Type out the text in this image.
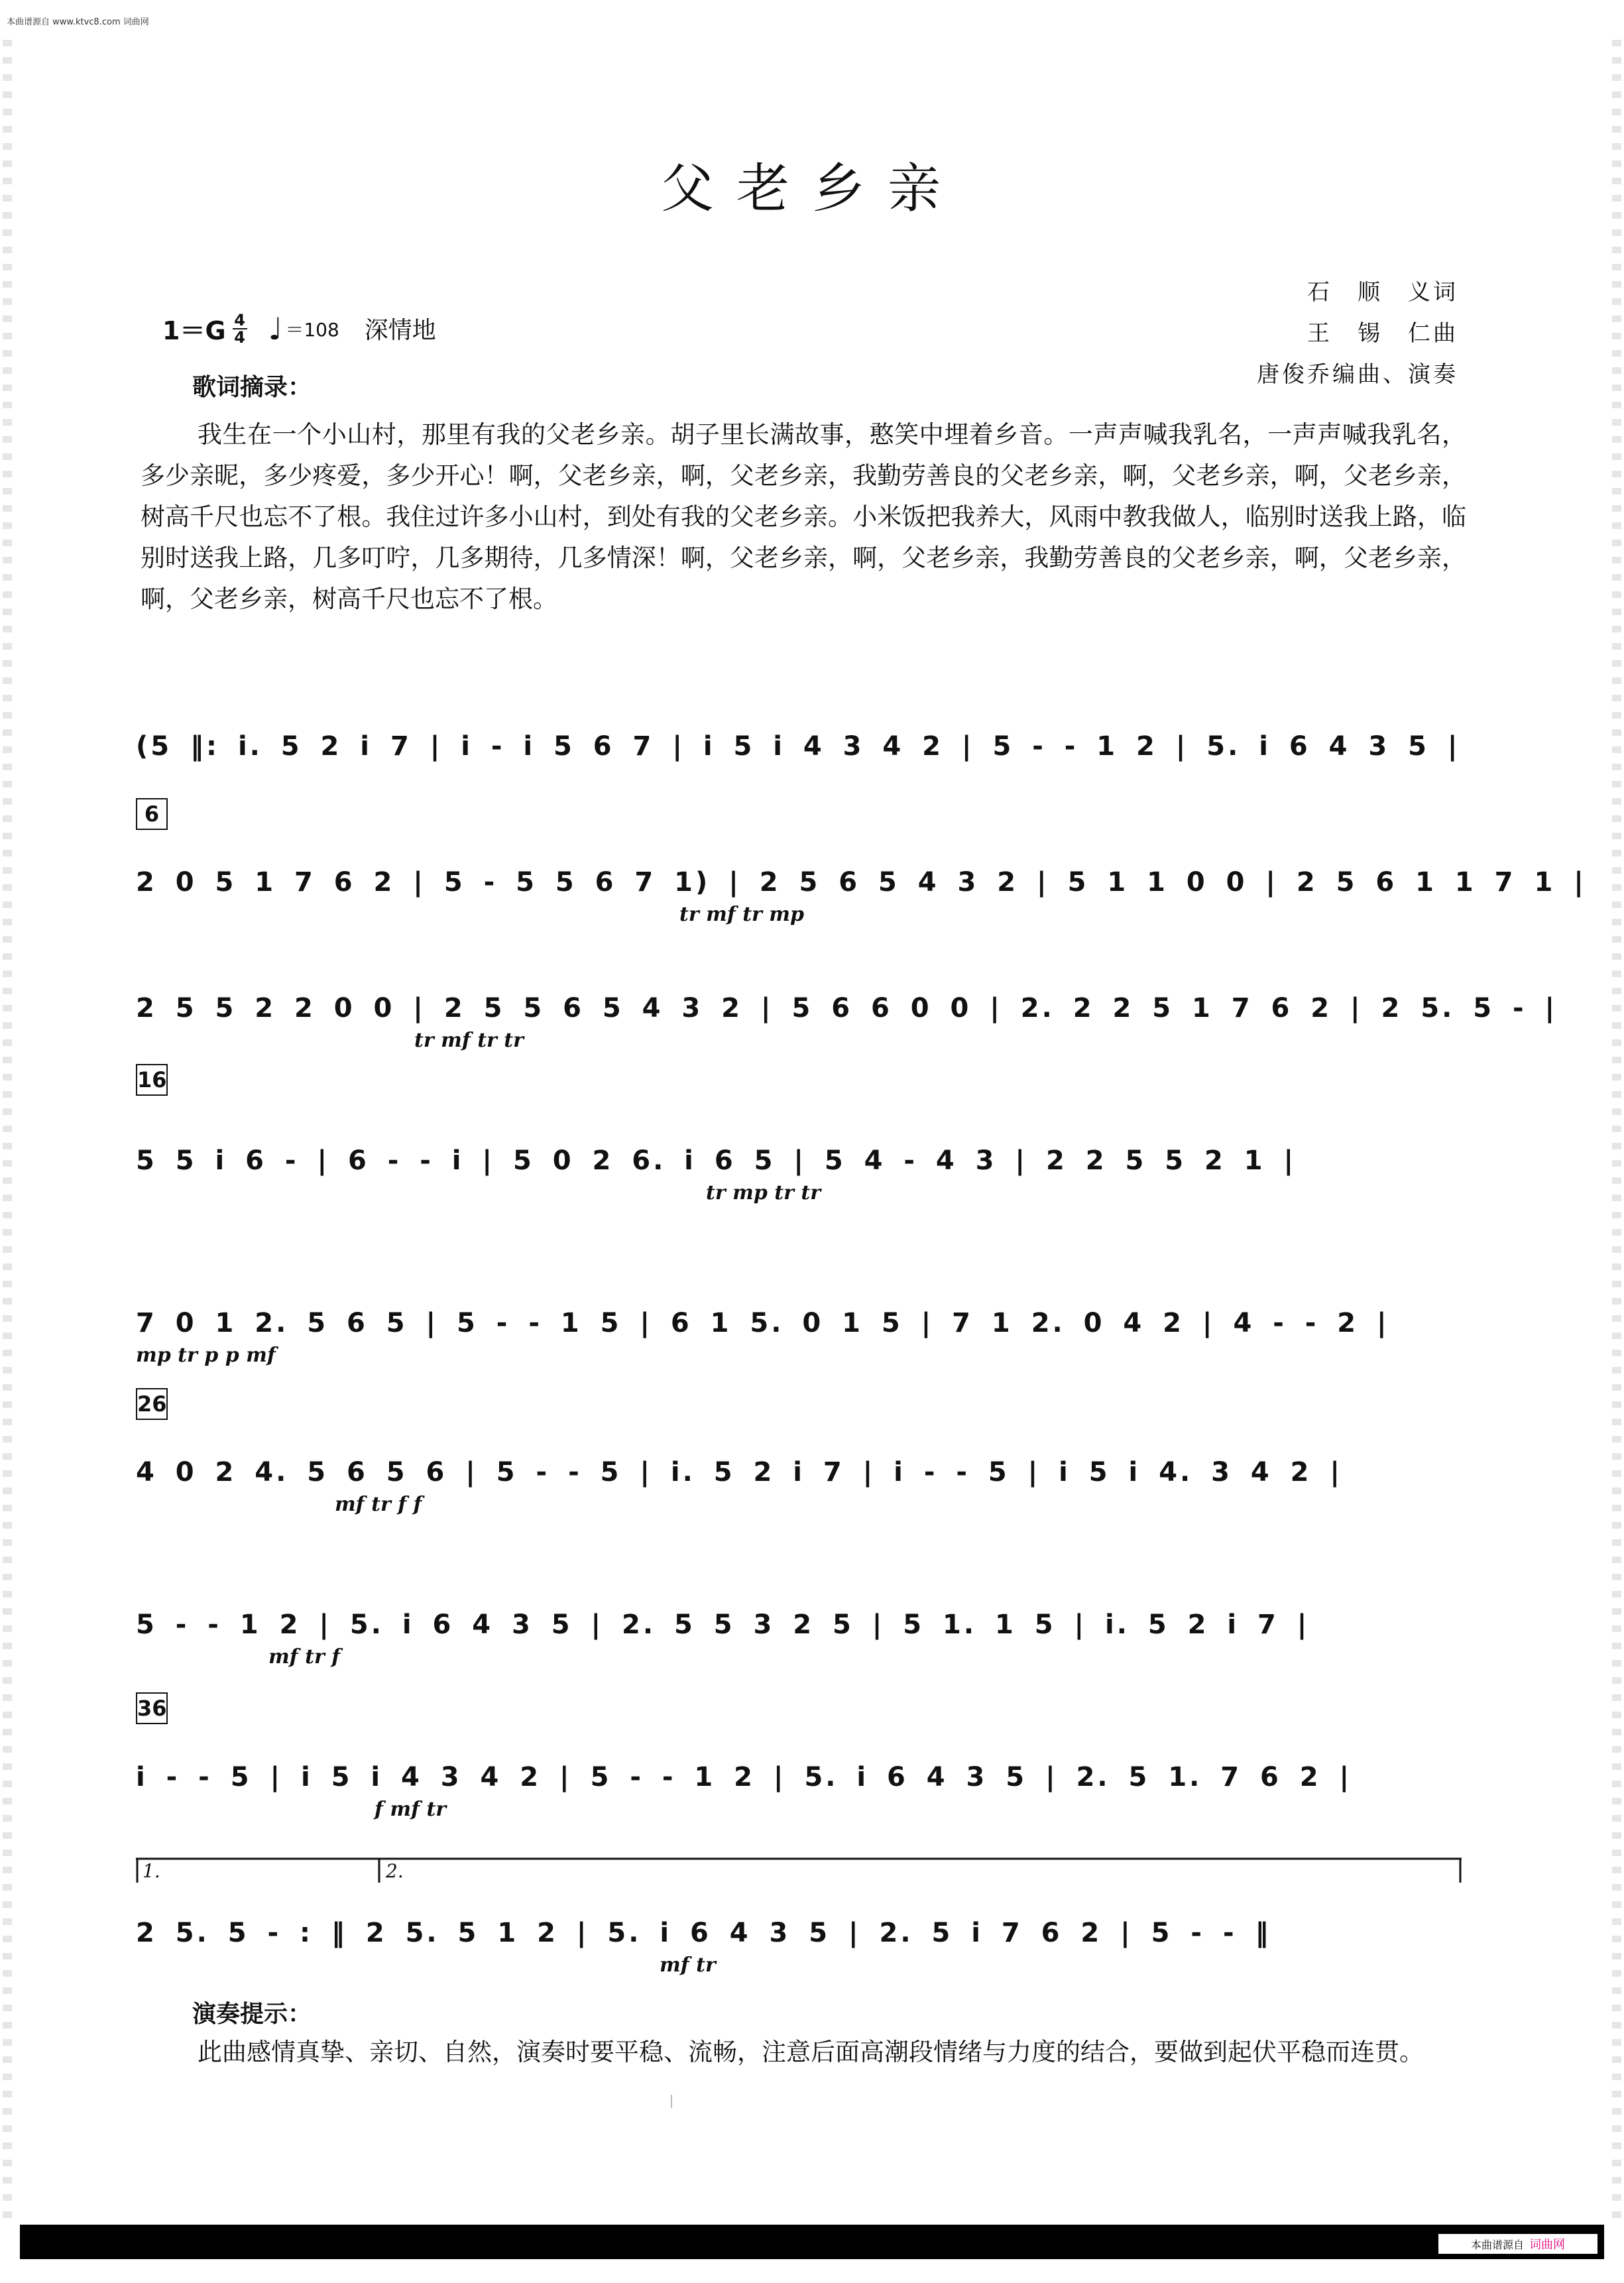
本曲谱源自 www.ktvc8.com 词曲网
父老乡亲
石　顺　义词
王　锡　仁曲
唐俊乔编曲、演奏
1＝G 4
4 ♩ ＝108 深情地
歌词摘录：
我生在一个小山村，那里有我的父老乡亲。胡子里长满故事，憨笑中埋着乡音。一声声喊我乳名，一声声喊我乳名，多少亲昵，多少疼爱，多少开心！啊，父老乡亲，啊，父老乡亲，我勤劳善良的父老乡亲，啊，父老乡亲，啊，父老乡亲，树高千尺也忘不了根。我住过许多小山村，到处有我的父老乡亲。小米饭把我养大，风雨中教我做人，临别时送我上路，临别时送我上路，几多叮咛，几多期待，几多情深！啊，父老乡亲，啊，父老乡亲，我勤劳善良的父老乡亲，啊，父老乡亲，啊，父老乡亲，树高千尺也忘不了根。
6
16
26
36
(5 ‖: i. 5 2 i 7 | i - i 5 6 7 | i 5 i 4 3 4 2 | 5 - - 1 2 | 5. i 6 4 3 5 |
2 0 5 1 7 6 2 | 5 - 5 5 6 7 1) | 2 5 6 5 4 3 2 | 5 1 1 0 0 | 2 5 6 1 1 7 1 |
tr mf tr mp
2 5 5 2 2 0 0 | 2 5 5 6 5 4 3 2 | 5 6 6 0 0 | 2. 2 2 5 1 7 6 2 | 2 5. 5 - |
tr mf tr tr
5 5 i 6 - | 6 - - i | 5 0 2 6. i 6 5 | 5 4 - 4 3 | 2 2 5 5 2 1 |
tr mp tr tr
7 0 1 2. 5 6 5 | 5 - - 1 5 | 6 1 5. 0 1 5 | 7 1 2. 0 4 2 | 4 - - 2 |
mp tr p p mf
4 0 2 4. 5 6 5 6 | 5 - - 5 | i. 5 2 i 7 | i - - 5 | i 5 i 4. 3 4 2 |
mf tr f f
5 - - 1 2 | 5. i 6 4 3 5 | 2. 5 5 3 2 5 | 5 1. 1 5 | i. 5 2 i 7 |
mf tr f
i - - 5 | i 5 i 4 3 4 2 | 5 - - 1 2 | 5. i 6 4 3 5 | 2. 5 1. 7 6 2 |
f mf tr
1.	2.
2 5. 5 - : ‖ 2 5. 5 1 2 | 5. i 6 4 3 5 | 2. 5 i 7 6 2 | 5 - - ‖
mf tr
演奏提示：
此曲感情真挚、亲切、自然，演奏时要平稳、流畅，注意后面高潮段情绪与力度的结合，要做到起伏平稳而连贯。
本曲谱源自 词曲网
